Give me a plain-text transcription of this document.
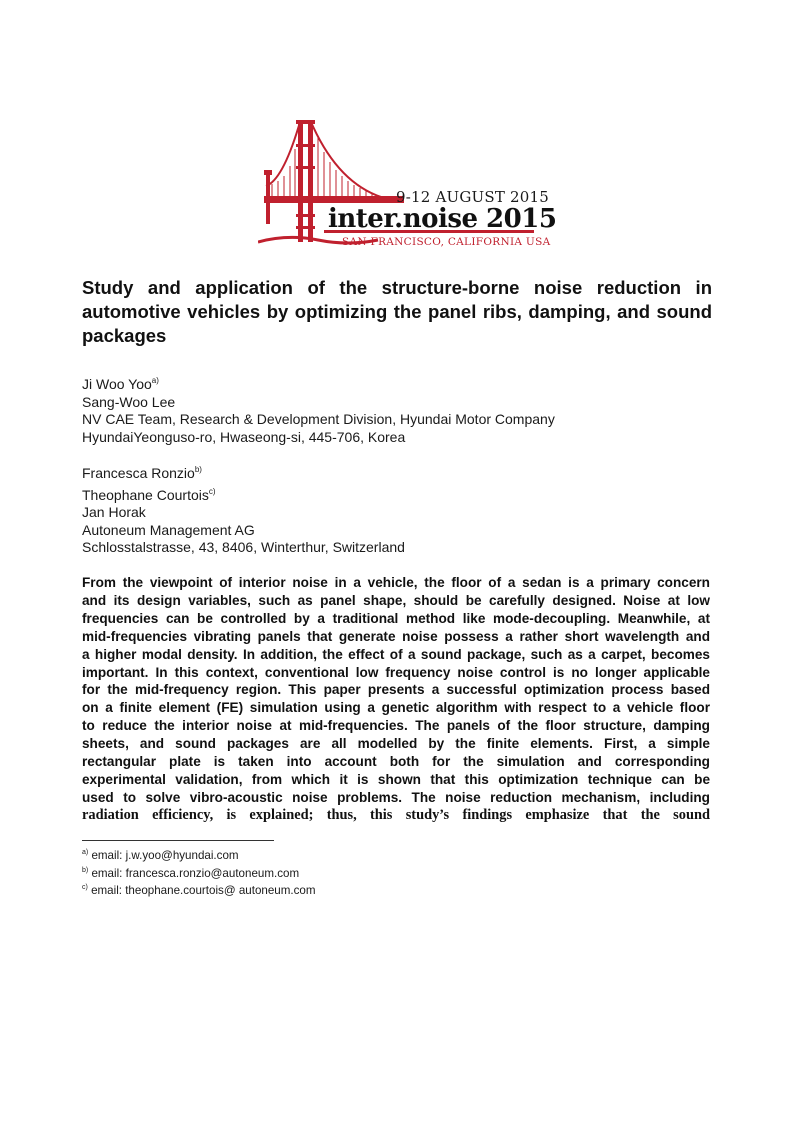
9-12 AUGUST 2015
inter.noise 2015
SAN FRANCISCO, CALIFORNIA USA
Study and application of the structure-borne noise reduction in automotive vehicles by optimizing the panel ribs, damping, and sound packages
Ji Woo Yoo$^{a)}$
Sang-Woo Lee
NV CAE Team, Research & Development Division, Hyundai Motor Company
HyundaiYeonguso-ro, Hwaseong-si, 445-706, Korea
Francesca Ronzio$^{b)}$
Theophane Courtois$^{c)}$
Jan Horak
Autoneum Management AG
Schlosstalstrasse, 43, 8406, Winterthur, Switzerland
From the viewpoint of interior noise in a vehicle, the floor of a sedan is a primary concern
and its design variables, such as panel shape, should be carefully designed. Noise at low
frequencies can be controlled by a traditional method like mode-decoupling. Meanwhile, at
mid-frequencies vibrating panels that generate noise possess a rather short wavelength and
a higher modal density. In addition, the effect of a sound package, such as a carpet, becomes
important. In this context, conventional low frequency noise control is no longer applicable
for the mid-frequency region. This paper presents a successful optimization process based
on a finite element (FE) simulation using a genetic algorithm with respect to a vehicle floor
to reduce the interior noise at mid-frequencies. The panels of the floor structure, damping
sheets, and sound packages are all modelled by the finite elements. First, a simple
rectangular plate is taken into account both for the simulation and corresponding
experimental validation, from which it is shown that this optimization technique can be
used to solve vibro-acoustic noise problems. The noise reduction mechanism, including
radiation efficiency, is explained; thus, this study’s findings emphasize that the sound
$^{a)}$ email: j.w.yoo@hyundai.com
$^{b)}$ email: francesca.ronzio@autoneum.com
$^{c)}$ email: theophane.courtois@ autoneum.com
